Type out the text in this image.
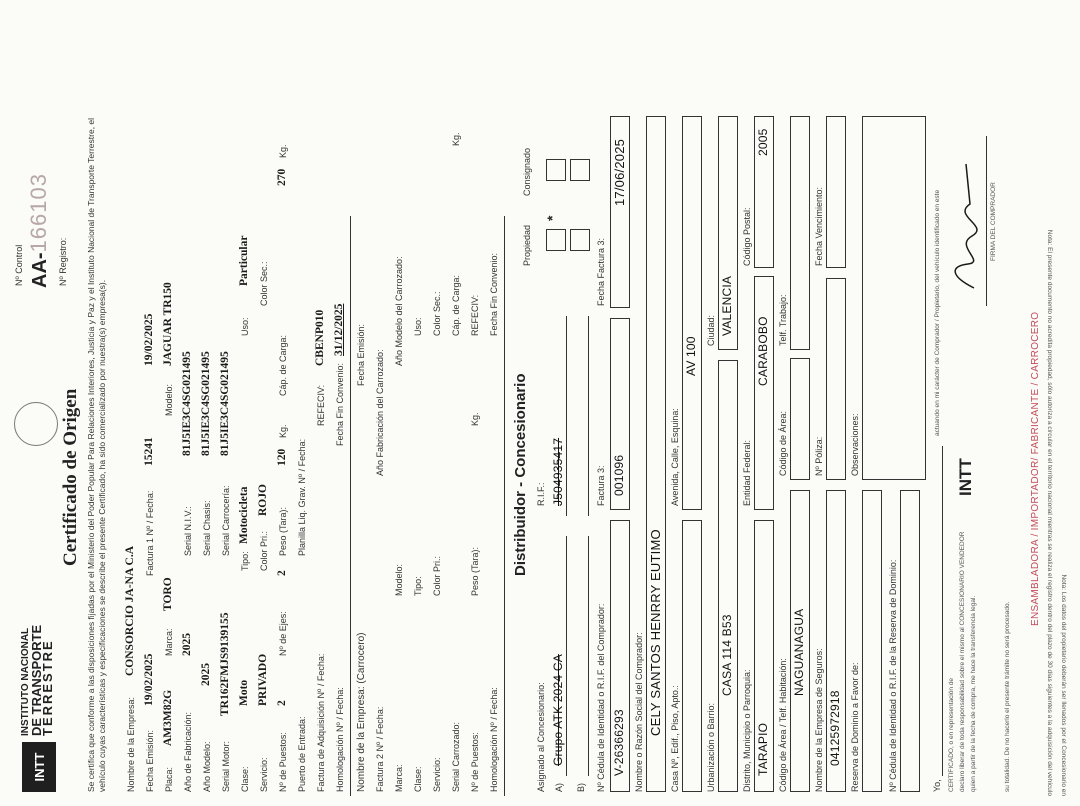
INTT
INSTITUTO NACIONAL
DE TRANSPORTE
TERRESTRE
Nº Control AA-166103
Nº Registro:
Certificado de Origen Se certifica que conforme a las disposiciones fijadas por el Ministerio del Poder Popular Para Relaciones Interiores, Justicia y Paz y el Instituto Nacional de Transporte Terrestre, el vehículo cuyas características y especificaciones se describe el presente Certificado, ha sido comercializado por nuestra(s) empresa(s). Nombre de la Empresa:
CONSORCIO JA-NA C.A
Fecha Emisión:
19/02/2025
Factura 1 Nº / Fecha:
15241
19/02/2025
Placa:
AM3M82G
Marca:
TORO
Modelo:
JAGUAR TR150
Año de Fabricación:
2025
Serial N.I.V.:
81J5IE3C4SG021495
Año Modelo:
2025
Serial Chasis:
81J5IE3C4SG021495
Serial Motor:
TR162FMJS9139155
Serial Carrocería:
81J5IE3C4SG021495
Clase:
Moto
Tipo:
Motocicleta
Uso:
Particular
Servicio:
PRIVADO
Color Pri.:
ROJO
Color Sec.:
Nº de Puestos:
2
Nº de Ejes:
2
Peso (Tara):
120
Kg.
Cáp. de Carga:
270
Kg.
Puerto de Entrada:
Planilla Liq. Grav. Nº / Fecha:
Factura de Adquisición Nº / Fecha:
REFECIV:
CBENP010
Homologación Nº / Fecha:
Fecha Fin Convenio:
31/12/2025
Nombre de la Empresa: (Carrocero)
Fecha Emisión:
Factura 2 Nº / Fecha:
Año Fabricación del Carrozado:
Marca:
Modelo:
Año Modelo del Carrozado:
Clase:
Tipo:
Uso:
Servicio:
Color Pri.:
Color Sec.:
Serial Carrozado:
Cáp. de Carga:
Kg.
Nº de Puestos:
Peso (Tara):
Kg.
REFECIV:
Homologación Nº / Fecha:
Fecha Fin Convenio:
Distribuidor - Concesionario
Asignado al Concesionario:
R.I.F.:
Propiedad
Consignado
A)
Grupo ATK 2024 CA
J504935417
*
B) Nº Cédula de Identidad o R.I.F. del Comprador:
Factura 3:
Fecha Factura 3:
V-26366293
001096
17/06/2025
Nombre o Razón Social del Comprador: CELY SANTOS HENRRY EUTIMO
Casa Nº, Edif., Piso, Apto.:
Avenida, Calle, Esquina:
AV 100
Urbanización o Barrio:
Ciudad:
CASA 114 B53
VALENCIA
Distrito, Municipio o Parroquia:
Entidad Federal:
Código Postal:
TARAPIO
CARABOBO
2005
Código de Área / Telf. Habitación:
Código de Área:
Telf. Trabajo:
NAGUANAGUA Nombre de la Empresa de Seguros:
Nº Póliza:
Fecha Vencimiento:
04125972918 Reserva de Dominio a Favor de:
Observaciones:
Nº Cédula de Identidad o R.I.F. de la Reserva de Dominio:	Yo,
actuando en mi carácter de Comprador / Propietario, del vehículo identificado en este
CERTIFICADO, o en representación de declaro liberar de toda responsabilidad sobre el mismo al CONCESIONARIO VENDEDOR quien a partir de la fecha de compra, me hace la transferencia legal.
INTT
FIRMA DEL COMPRADOR
su totalidad. De no hacerlo el presente trámite no será procesado.
ENSAMBLADORA / IMPORTADOR/ FABRICANTE / CARROCERO Nota: El presente documento no acredita propiedad, sólo autoriza a circular en el territorio nacional mientras se realiza el registro dentro del plazo de 30 días siguientes a la adquisición del vehículo Nota: Los datos del propietario deberán ser llenados por el Concesionario en
